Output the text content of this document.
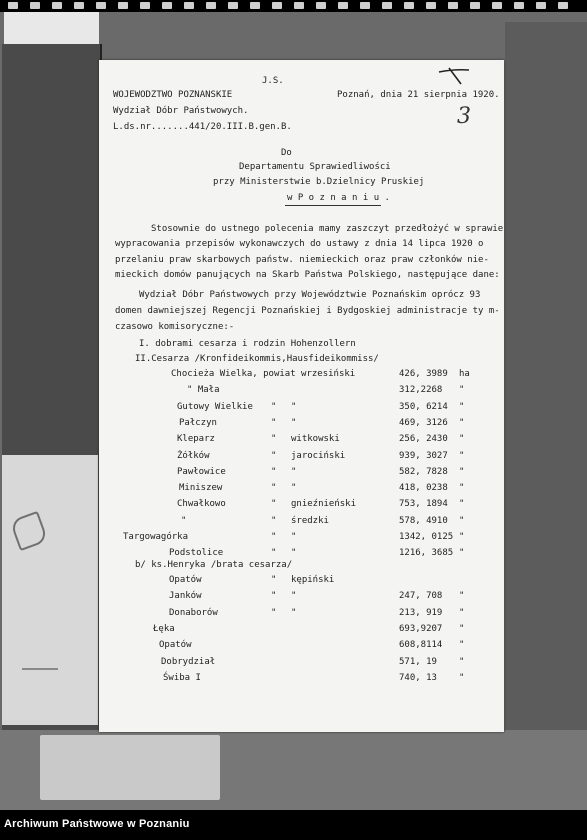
J.S.
WOJEWODZTWO POZNANSKIE	Poznań, dnia 21 sierpnia 1920.
Wydział Dóbr Państwowych.
L.ds.nr.......441/20.III.B.gen.B.
Do
Departamentu Sprawiedliwości
przy Ministerstwie b.Dzielnicy Pruskiej
w P o z n a n i u .
Stosownie do ustnego polecenia mamy zaszczyt przedłożyć w sprawie
wypracowania przepisów wykonawczych do ustawy z dnia 14 lipca 1920 o
przelaniu praw skarbowych państw. niemieckich oraz praw członków nie-
mieckich domów panujących na Skarb Państwa Polskiego, następujące dane:
Wydział Dóbr Państwowych przy Województwie Poznańskim oprócz 93
domen dawniejszej Regencji Poznańskiej i Bydgoskiej administracje ty m-
czasowo komisoryczne:-
I. dobrami cesarza i rodzin Hohenzollern
II.Cesarza /Kronfideikommis,Hausfideikommiss/
Chocieża Wielka, powiat wrzesiński	426, 3989 ha
" Mała	312,2268 "
Gutowy Wielkie " "	350, 6214 "
Pałczyn	" "	469, 3126 "
Kleparz	" witkowski	256, 2430 "
Żółków	" jarociński	939, 3027 "
Pawłowice	" "	582, 7828 "
Miniszew	" "	418, 0238 "
Chwałkowo	" gnieźnieński	753, 1894 "
"	" średzki	578, 4910 "
Targowagórka	" "	1342, 0125 "
Podstolice	" "	1216, 3685 "
b/ ks.Henryka /brata cesarza/
Opatów	" kępiński
Janków	" "	247, 708 "
Donaborów	" "	213, 919 "
Łęka	693,9207 "
Opatów	608,8114 "
Dobrydział	571, 19 "
Świba I	740, 13 "
3
Archiwum Państwowe w Poznaniu
